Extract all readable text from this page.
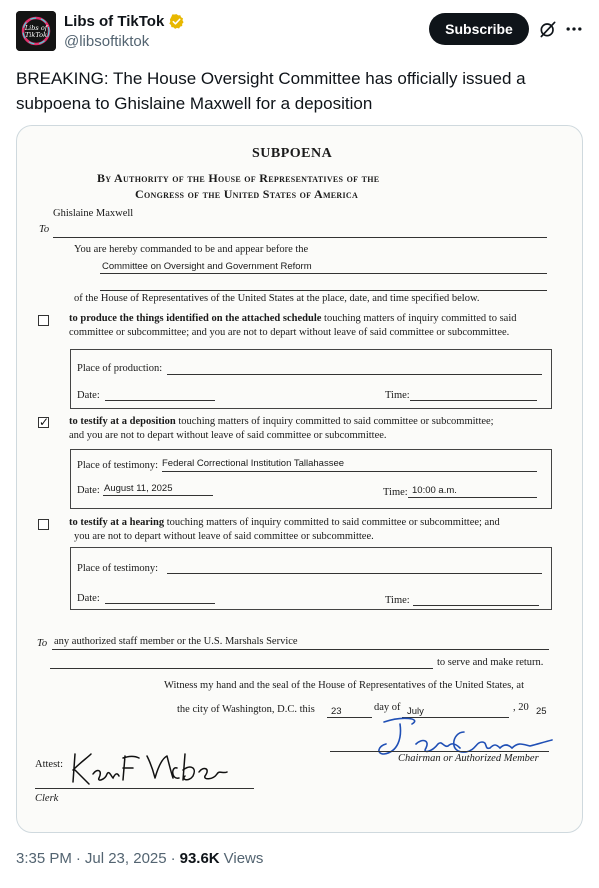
Libs of
TikTok
Libs of TikTok
@libsoftiktok
Subscribe
BREAKING: The House Oversight Committee has officially issued a subpoena to Ghislaine Maxwell for a deposition
SUBPOENA
By Authority of the House of Representatives of the
Congress of the United States of America
Ghislaine Maxwell
To
You are hereby commanded to be and appear before the
Committee on Oversight and Government Reform
of the House of Representatives of the United States at the place, date, and time specified below.
to produce the things identified on the attached schedule touching matters of inquiry committed to said
committee or subcommittee; and you are not to depart without leave of said committee or subcommittee.
Place of production:
Date:	Time:
✓ to testify at a deposition touching matters of inquiry committed to said committee or subcommittee;
and you are not to depart without leave of said committee or subcommittee.
Place of testimony: Federal Correctional Institution Tallahassee
Date: August 11, 2025	Time: 10:00 a.m.
to testify at a hearing touching matters of inquiry committed to said committee or subcommittee; and
you are not to depart without leave of said committee or subcommittee.
Place of testimony:
Date:	Time:
To any authorized staff member or the U.S. Marshals Service
to serve and make return.
Witness my hand and the seal of the House of Representatives of the United States, at
the city of Washington, D.C. this 23	day of July	, 20 25
Chairman or Authorized Member
Attest:
Clerk
3:35 PM · Jul 23, 2025 · 93.6K Views
